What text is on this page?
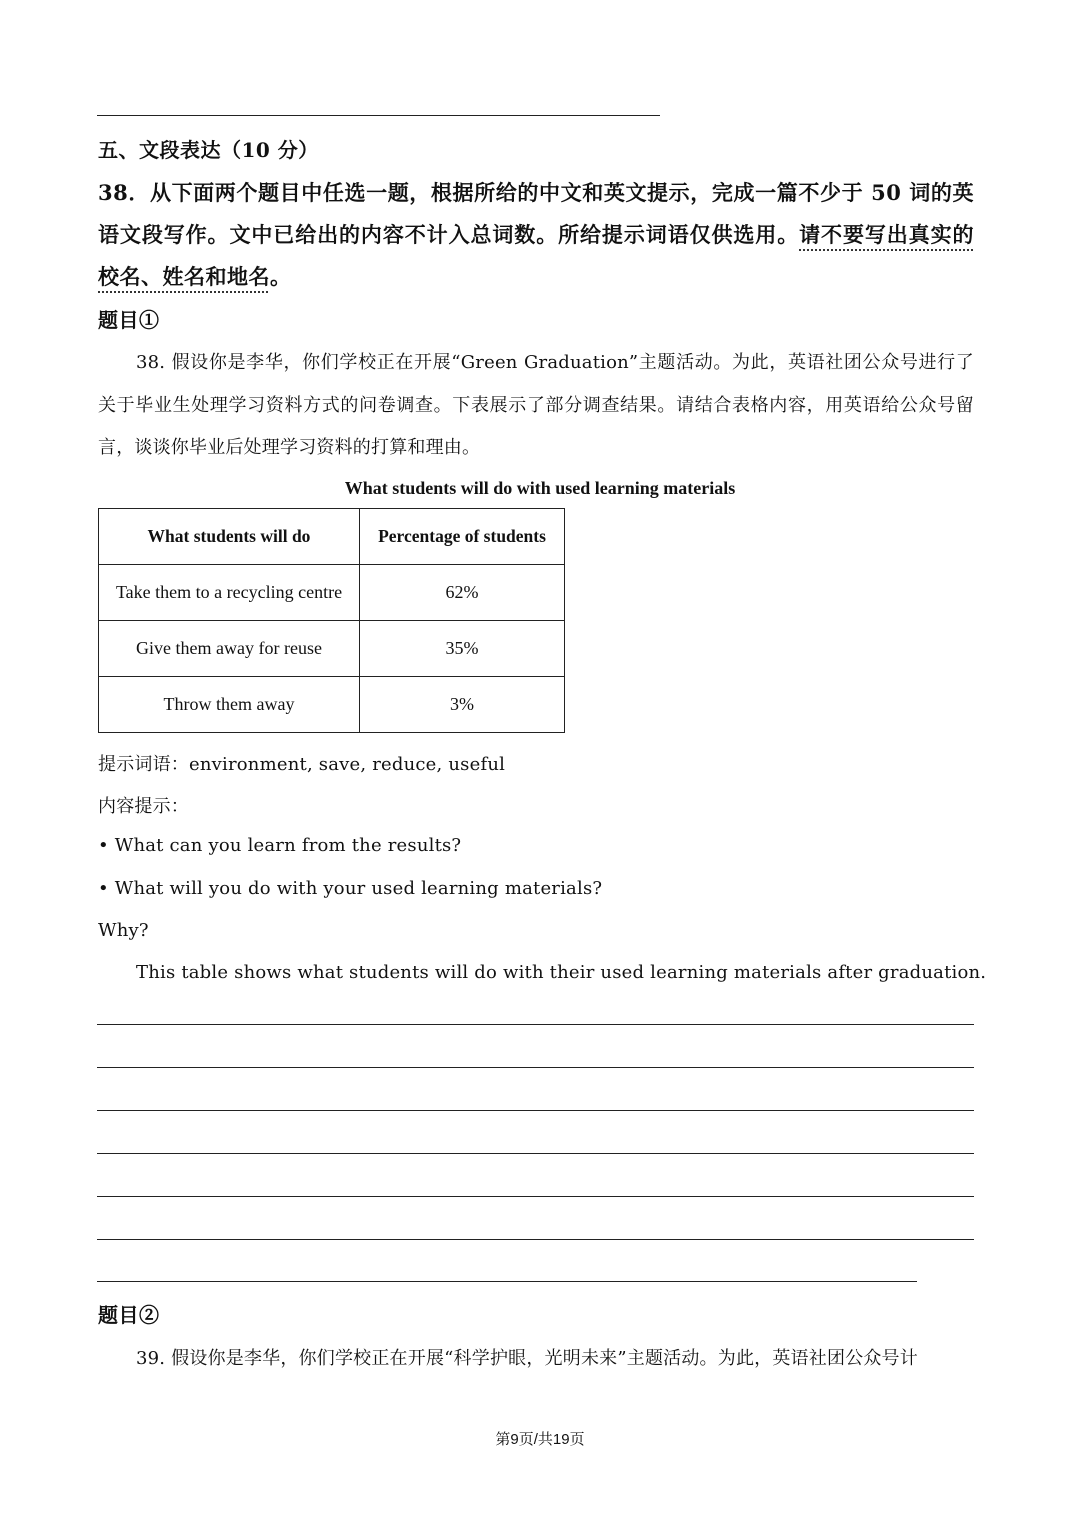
五、文段表达（10 分）
38．从下面两个题目中任选一题，根据所给的中文和英文提示，完成一篇不少于 50 词的英语文段写作。文中已给出的内容不计入总词数。所给提示词语仅供选用。请不要写出真实的校名、姓名和地名。
题目①
38. 假设你是李华，你们学校正在开展“Green Graduation”主题活动。为此，英语社团公众号进行了关于毕业生处理学习资料方式的问卷调查。下表展示了部分调查结果。请结合表格内容，用英语给公众号留言，谈谈你毕业后处理学习资料的打算和理由。
What students will do with used learning materials
What students will do	Percentage of students
Take them to a recycling centre	62%
Give them away for reuse	35%
Throw them away	3%
提示词语：environment, save, reduce, useful
内容提示：
• What can you learn from the results?
• What will you do with your used learning materials?
Why?
This table shows what students will do with their used learning materials after graduation.
题目②
39. 假设你是李华，你们学校正在开展“科学护眼，光明未来”主题活动。为此，英语社团公众号计
第9页/共19页
